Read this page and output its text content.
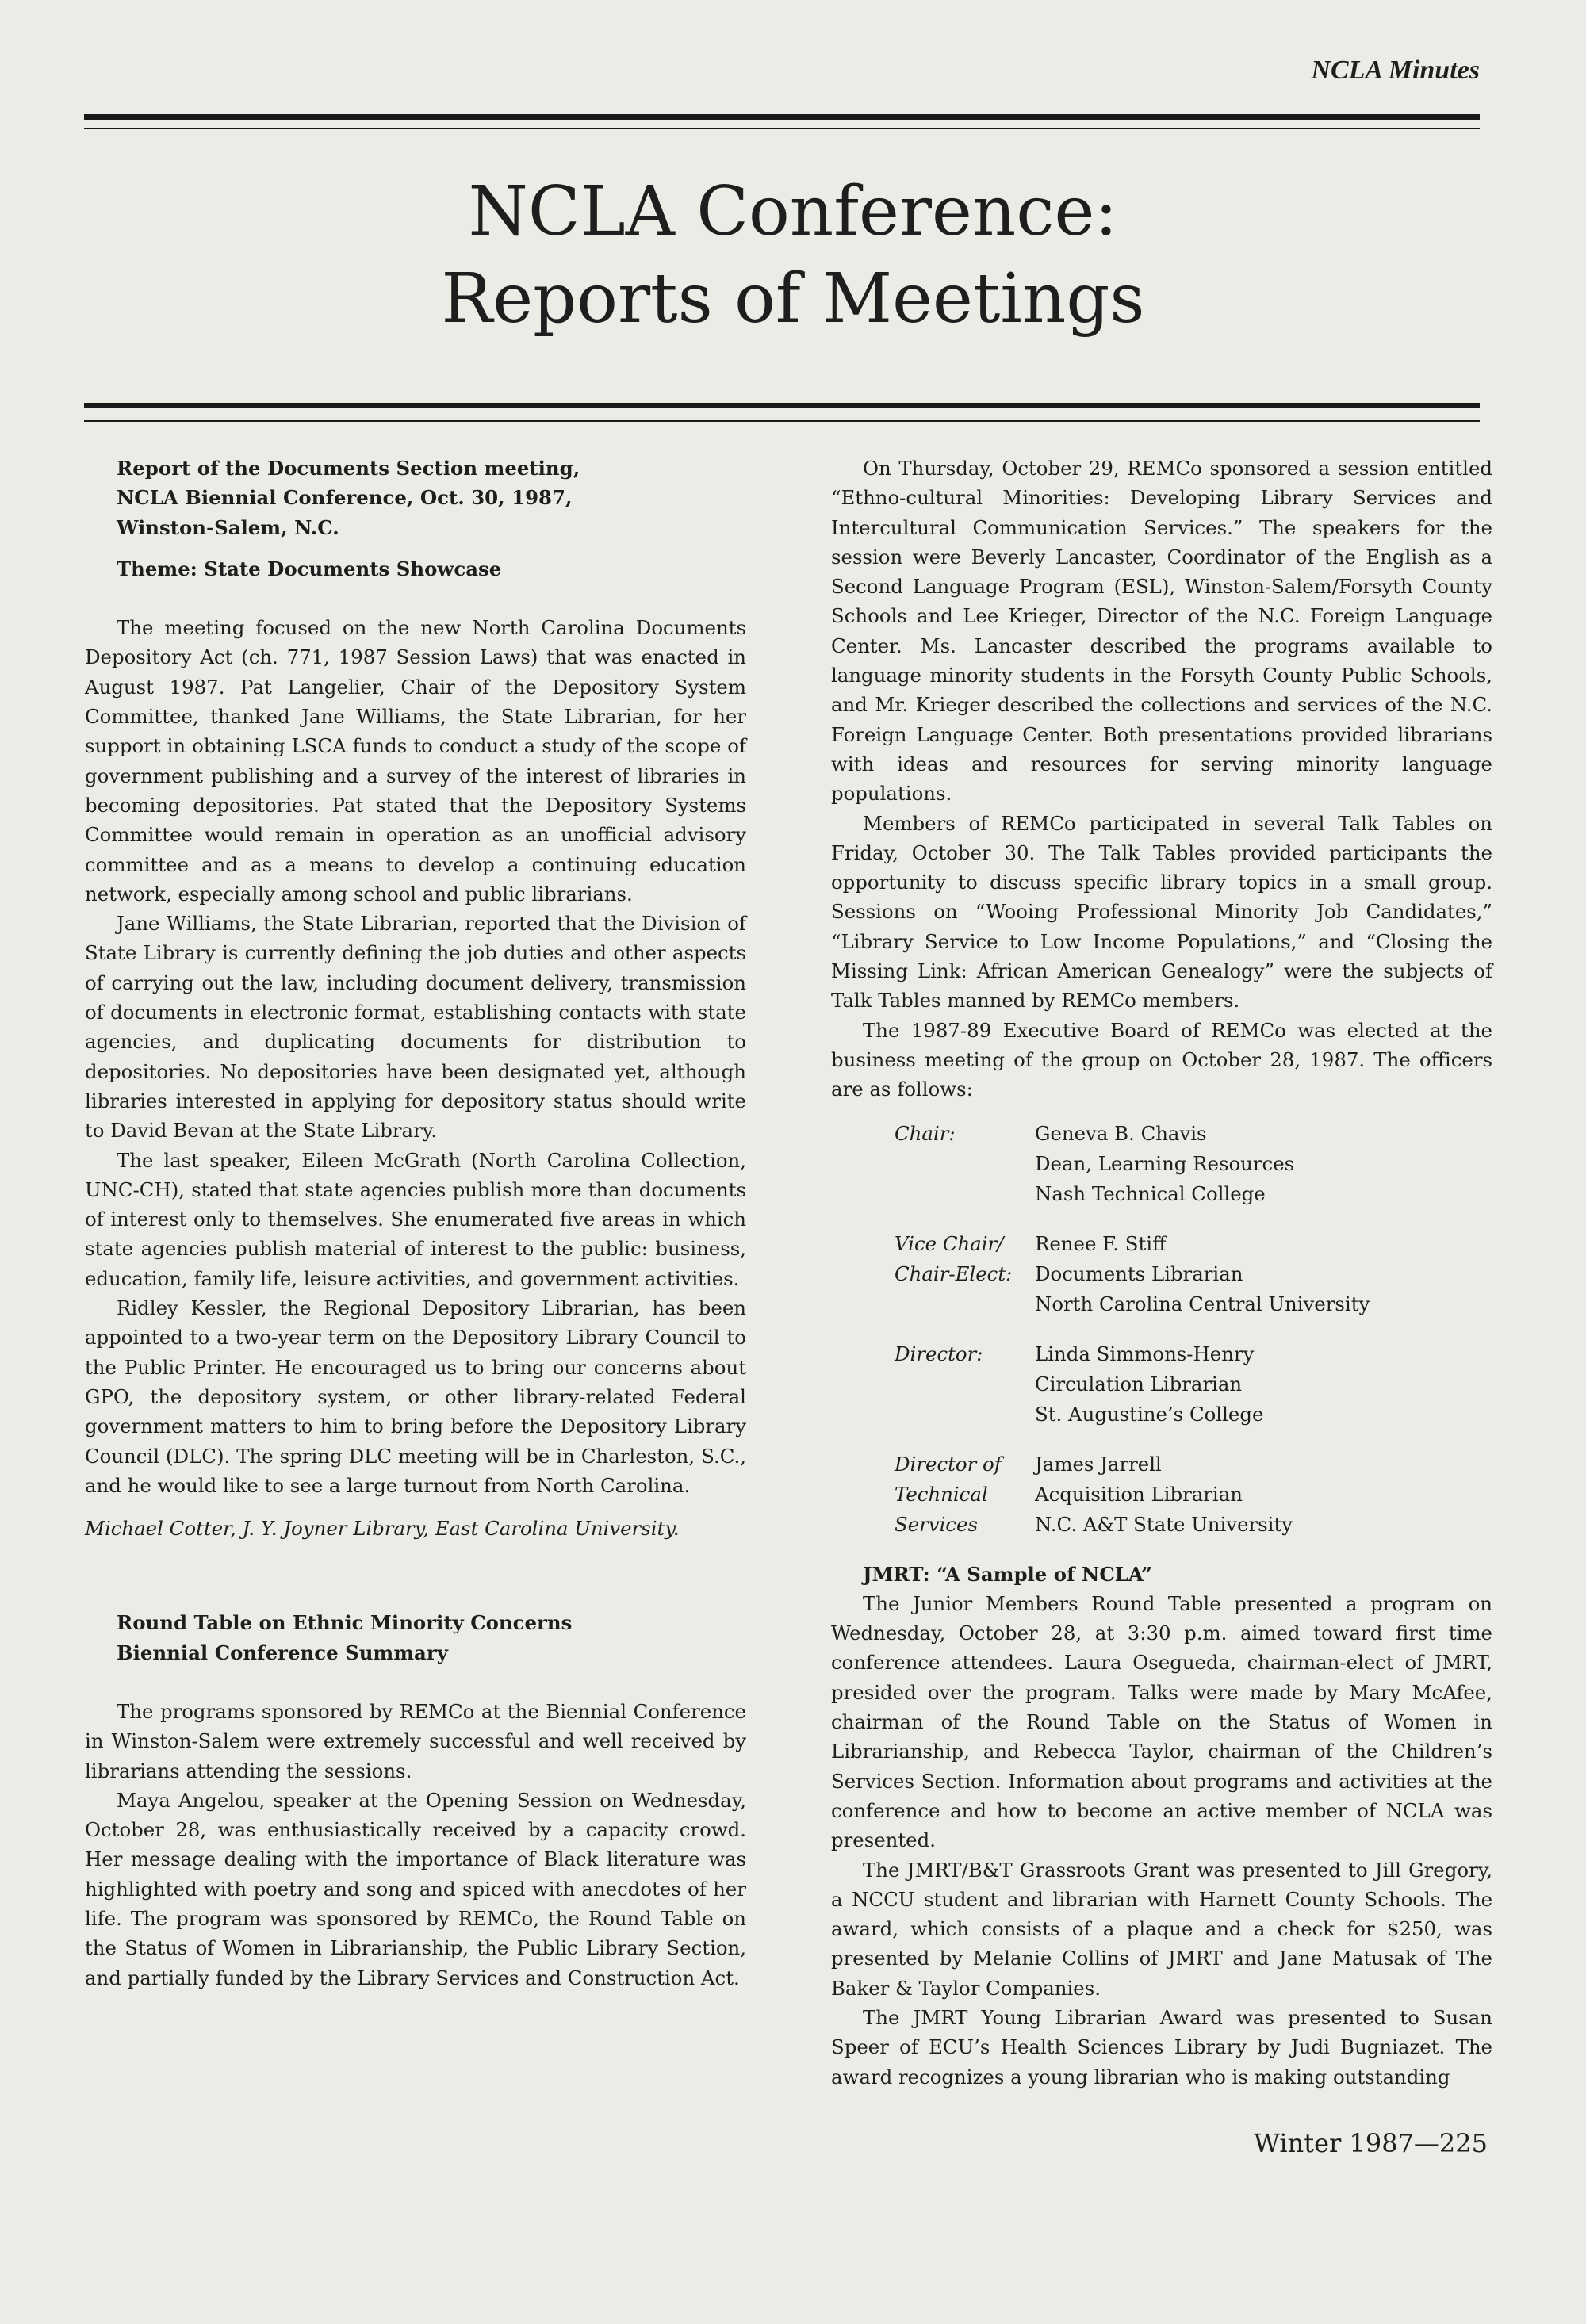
NCLA Minutes
NCLA Conference:
Reports of Meetings

Report of the Documents Section meeting,

NCLA Biennial Conference, Oct. 30, 1987,

Winston-Salem, N.C.

Theme: State Documents Showcase

The meeting focused on the new North Carolina Documents Depository Act (ch. 771, 1987 Session Laws) that was enacted in August 1987. Pat Langelier, Chair of the Depository System Committee, thanked Jane Williams, the State Librarian, for her support in obtaining LSCA funds to conduct a study of the scope of government publishing and a survey of the interest of libraries in becoming depositories. Pat stated that the Depository Systems Committee would remain in operation as an unofficial advisory committee and as a means to develop a continuing education network, especially among school and public librarians.

Jane Williams, the State Librarian, reported that the Division of State Library is currently defining the job duties and other aspects of carrying out the law, including document delivery, transmission of documents in electronic format, establishing contacts with state agencies, and duplicating documents for distribution to depositories. No depositories have been designated yet, although libraries interested in applying for depository status should write to David Bevan at the State Library.

The last speaker, Eileen McGrath (North Carolina Collection, UNC-CH), stated that state agencies publish more than documents of interest only to themselves. She enumerated five areas in which state agencies publish material of interest to the public: business, education, family life, leisure activities, and government activities.

Ridley Kessler, the Regional Depository Librarian, has been appointed to a two-year term on the Depository Library Council to the Public Printer. He encouraged us to bring our concerns about GPO, the depository system, or other library-related Federal government matters to him to bring before the Depository Library Council (DLC). The spring DLC meeting will be in Charleston, S.C., and he would like to see a large turnout from North Carolina.

Michael Cotter, J. Y. Joyner Library, East Carolina University.

Round Table on Ethnic Minority Concerns

Biennial Conference Summary

The programs sponsored by REMCo at the Biennial Conference in Winston-Salem were extremely successful and well received by librarians attending the sessions.

Maya Angelou, speaker at the Opening Session on Wednesday, October 28, was enthusiastically received by a capacity crowd. Her message dealing with the importance of Black literature was highlighted with poetry and song and spiced with anecdotes of her life. The program was sponsored by REMCo, the Round Table on the Status of Women in Librarianship, the Public Library Section, and partially funded by the Library Services and Construction Act.

On Thursday, October 29, REMCo sponsored a session entitled “Ethno-cultural Minorities: Developing Library Services and Intercultural Communication Services.” The speakers for the session were Beverly Lancaster, Coordinator of the English as a Second Language Program (ESL), Winston-Salem/Forsyth County Schools and Lee Krieger, Director of the N.C. Foreign Language Center. Ms. Lancaster described the programs available to language minority students in the Forsyth County Public Schools, and Mr. Krieger described the collections and services of the N.C. Foreign Language Center. Both presentations provided librarians with ideas and resources for serving minority language populations.

Members of REMCo participated in several Talk Tables on Friday, October 30. The Talk Tables provided participants the opportunity to discuss specific library topics in a small group. Sessions on “Wooing Professional Minority Job Candidates,” “Library Service to Low Income Populations,” and “Closing the Missing Link: African American Genealogy” were the subjects of Talk Tables manned by REMCo members.

The 1987-89 Executive Board of REMCo was elected at the business meeting of the group on October 28, 1987. The officers are as follows:

Chair:	Geneva B. Chavis
Dean, Learning Resources
Nash Technical College
Vice Chair/
Chair-Elect:
Renee F. Stiff
Documents Librarian
North Carolina Central University
Director:	Linda Simmons-Henry
Circulation Librarian
St. Augustine’s College
Director of
Technical
Services
James Jarrell
Acquisition Librarian
N.C. A&T State University

JMRT: “A Sample of NCLA”

The Junior Members Round Table presented a program on Wednesday, October 28, at 3:30 p.m. aimed toward first time conference attendees. Laura Osegueda, chairman-elect of JMRT, presided over the program. Talks were made by Mary McAfee, chairman of the Round Table on the Status of Women in Librarianship, and Rebecca Taylor, chairman of the Children’s Services Section. Information about programs and activities at the conference and how to become an active member of NCLA was presented.

The JMRT/B&T Grassroots Grant was presented to Jill Gregory, a NCCU student and librarian with Harnett County Schools. The award, which consists of a plaque and a check for $250, was presented by Melanie Collins of JMRT and Jane Matusak of The Baker & Taylor Companies.

The JMRT Young Librarian Award was presented to Susan Speer of ECU’s Health Sciences Library by Judi Bugniazet. The award recognizes a young librarian who is making outstanding

Winter 1987—225
